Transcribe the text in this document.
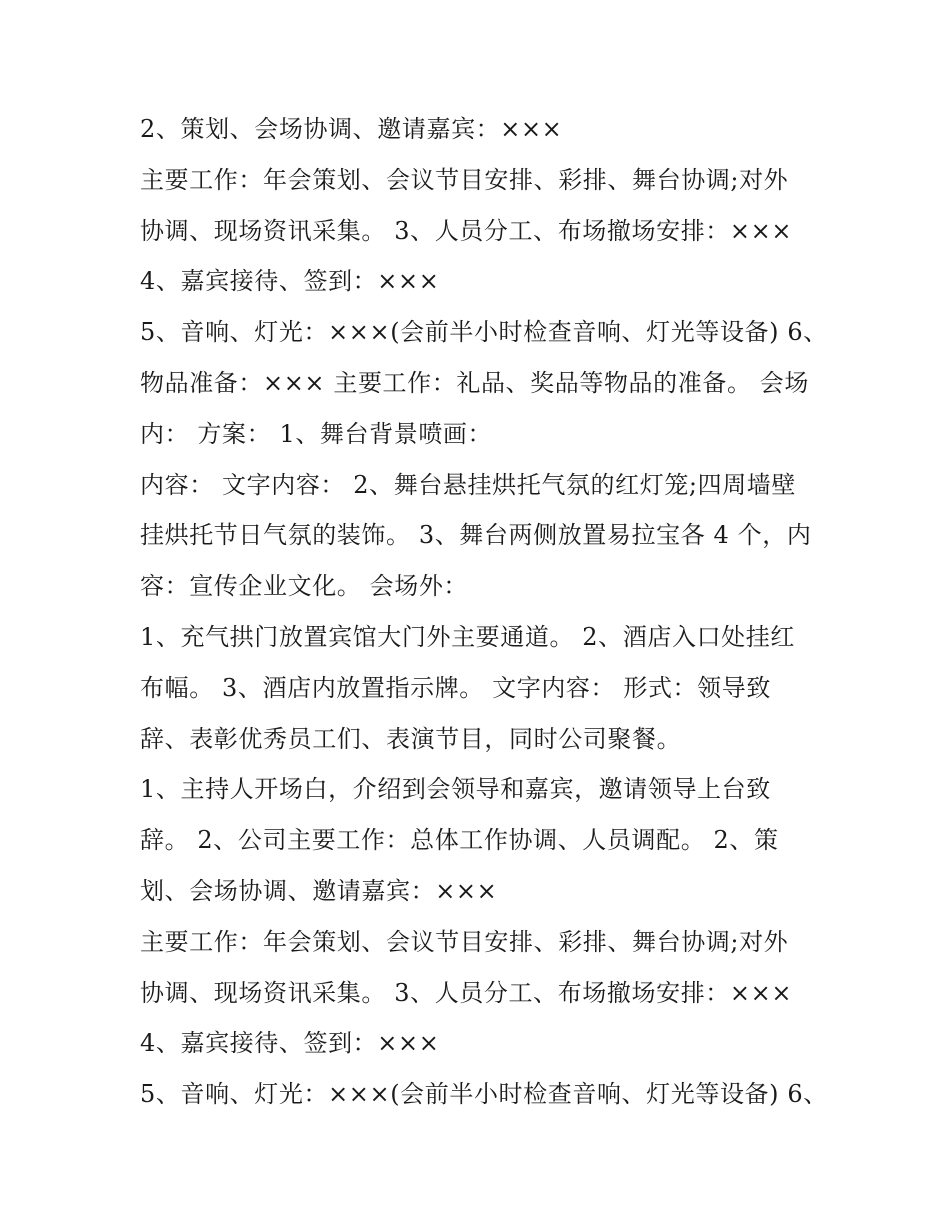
2、策划、会场协调、邀请嘉宾：×××
主要工作：年会策划、会议节目安排、彩排、舞台协调;对外
协调、现场资讯采集。 3、人员分工、布场撤场安排：×××
4、嘉宾接待、签到：×××
5、音响、灯光：×××(会前半小时检查音响、灯光等设备) 6、
物品准备：××× 主要工作：礼品、奖品等物品的准备。 会场
内： 方案： 1、舞台背景喷画：
内容： 文字内容： 2、舞台悬挂烘托气氛的红灯笼;四周墙壁
挂烘托节日气氛的装饰。 3、舞台两侧放置易拉宝各 4 个，内
容：宣传企业文化。 会场外：
1、充气拱门放置宾馆大门外主要通道。 2、酒店入口处挂红
布幅。 3、酒店内放置指示牌。 文字内容： 形式：领导致
辞、表彰优秀员工们、表演节目，同时公司聚餐。
1、主持人开场白，介绍到会领导和嘉宾，邀请领导上台致
辞。 2、公司主要工作：总体工作协调、人员调配。 2、策
划、会场协调、邀请嘉宾：×××
主要工作：年会策划、会议节目安排、彩排、舞台协调;对外
协调、现场资讯采集。 3、人员分工、布场撤场安排：×××
4、嘉宾接待、签到：×××
5、音响、灯光：×××(会前半小时检查音响、灯光等设备) 6、
